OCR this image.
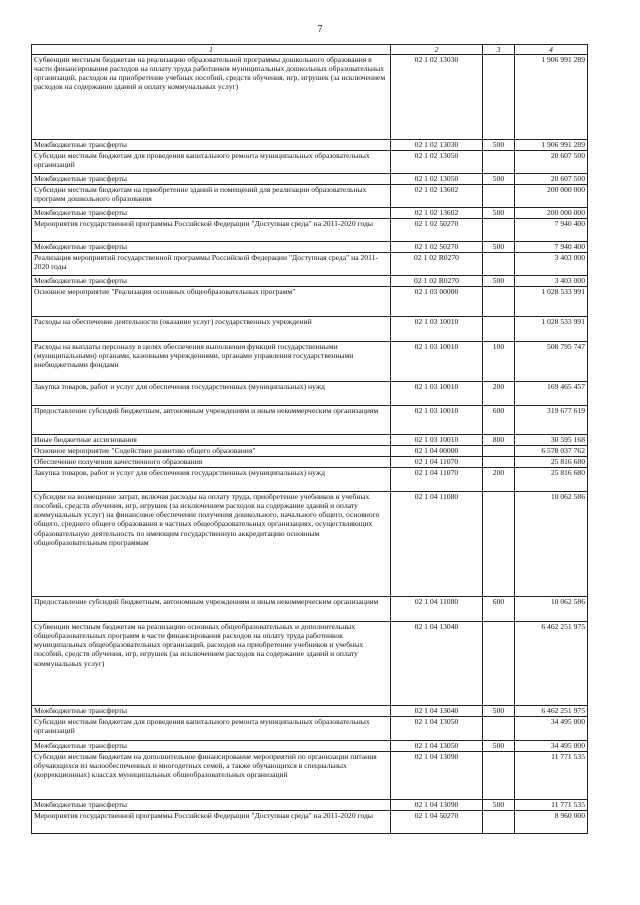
7
1	2	3	4
Субвенции местным бюджетам на реализацию образовательной программы дошкольного образования в части финансирования расходов на оплату труда работников муниципальных дошкольных образовательных организаций, расходов на приобретение учебных пособий, средств обучения, игр, игрушек (за исключением расходов на содержание зданий и оплату коммунальных услуг)	02 1 02 13030		1 906 991 289
Межбюджетные трансферты	02 1 02 13030	500	1 906 991 289
Субсидии местным бюджетам для проведения капитального ремонта муниципальных образовательных организаций	02 1 02 13050		20 607 500
Межбюджетные трансферты	02 1 02 13050	500	20 607 500
Субсидии местным бюджетам на приобретение зданий и помещений для реализации образовательных программ дошкольного образования	02 1 02 13602		200 000 000
Межбюджетные трансферты	02 1 02 13602	500	200 000 000
Мероприятия государственной программы Российской Федерации "Доступная среда" на 2011-2020 годы	02 1 02 50270		7 940 400
Межбюджетные трансферты	02 1 02 50270	500	7 940 400
Реализация мероприятий государственной программы Российской Федерации "Доступная среда" на 2011-2020 годы	02 1 02 R0270		3 403 000
Межбюджетные трансферты	02 1 02 R0270	500	3 403 000
Основное мероприятие "Реализация основных общеобразовательных программ"	02 1 03 00000		1 028 533 991
Расходы на обеспечение деятельности (оказание услуг) государственных учреждений	02 1 03 10010		1 028 533 991
Расходы на выплаты персоналу в целях обеспечения выполнения функций государственными (муниципальными) органами, казенными учреждениями, органами управления государственными внебюджетными фондами	02 1 03 10010	100	508 795 747
Закупка товаров, работ и услуг для обеспечения государственных (муниципальных) нужд	02 1 03 10010	200	169 465 457
Предоставление субсидий бюджетным, автономным учреждениям и иным некоммерческим организациям	02 1 03 10010	600	319 677 619
Иные бюджетные ассигнования	02 1 03 10010	800	30 595 168
Основное мероприятие "Содействие развитию общего образования"	02 1 04 00000		6 578 037 762
Обеспечение получения качественного образования	02 1 04 11070		25 816 680
Закупка товаров, работ и услуг для обеспечения государственных (муниципальных) нужд	02 1 04 11070	200	25 816 680
Субсидии на возмещение затрат, включая расходы на оплату труда, приобретение учебников и учебных пособий, средств обучения, игр, игрушек (за исключением расходов на содержание зданий и оплату коммунальных услуг) на финансовое обеспечение получения дошкольного, начального общего, основного общего, среднего общего образования в частных общеобразовательных организациях, осуществляющих образовательную деятельность по имеющим государственную аккредитацию основным общеобразовательным программам	02 1 04 11080		10 062 586
Предоставление субсидий бюджетным, автономным учреждениям и иным некоммерческим организациям	02 1 04 11080	600	10 062 586
Субвенции местным бюджетам на реализацию основных общеобразовательных и дополнительных общеобразовательных программ в части финансирования расходов на оплату труда работников муниципальных общеобразовательных организаций, расходов на приобретение учебников и учебных пособий, средств обучения, игр, игрушек (за исключением расходов на содержание зданий и оплату коммунальных услуг)	02 1 04 13040		6 462 251 975
Межбюджетные трансферты	02 1 04 13040	500	6 462 251 975
Субсидии местным бюджетам для проведения капитального ремонта муниципальных образовательных организаций	02 1 04 13050		34 495 000
Межбюджетные трансферты	02 1 04 13050	500	34 495 000
Субсидии местным бюджетам на дополнительное финансирование мероприятий по организации питания обучающихся из малообеспеченных и многодетных семей, а также обучающихся в специальных (коррекционных) классах муниципальных общеобразовательных организаций	02 1 04 13090		11 771 535
Межбюджетные трансферты	02 1 04 13090	500	11 771 535
Мероприятия государственной программы Российской Федерации "Доступная среда" на 2011-2020 годы	02 1 04 50270		8 960 000
